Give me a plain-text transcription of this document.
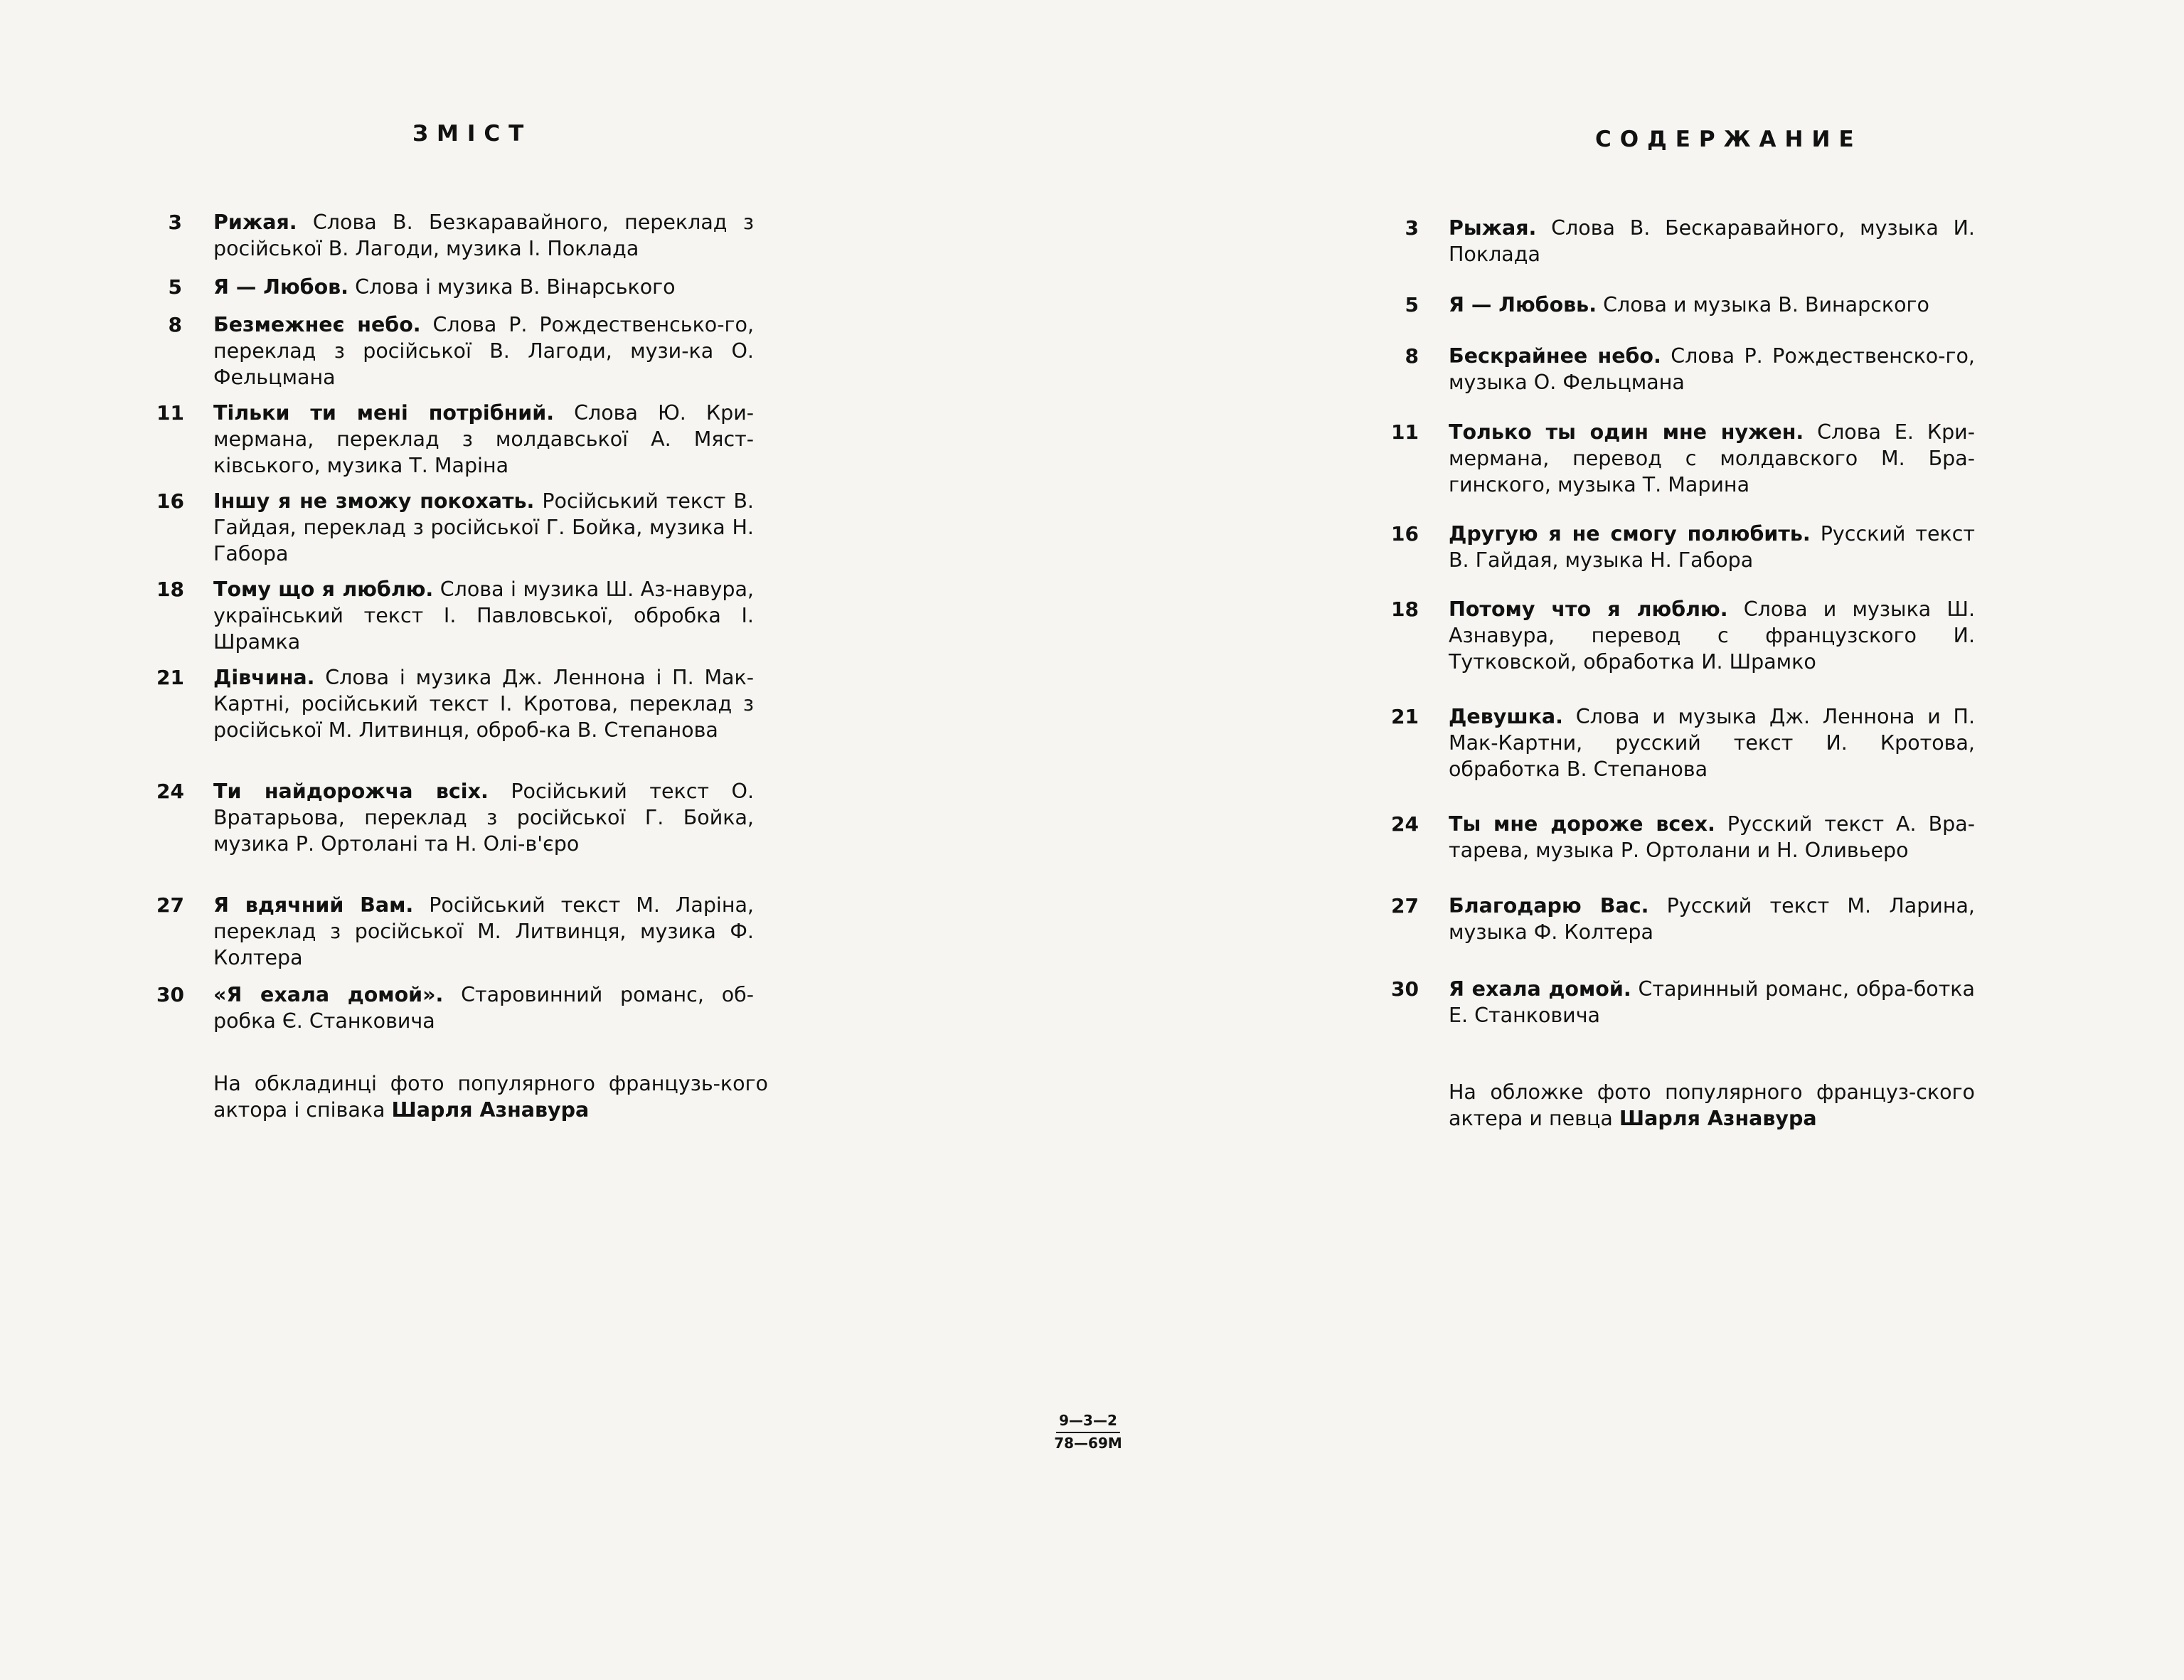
ЗМІСТ
3 Рижая. Слова В. Безкаравайного, переклад з російської В. Лагоди, музика І. Поклада
5 Я — Любов. Слова і музика В. Вінарського
8 Безмежнеє небо. Слова Р. Рождественсько-го, переклад з російської В. Лагоди, музи-ка О. Фельцмана
11 Тільки ти мені потрібний. Слова Ю. Кри-мермана, переклад з молдавської А. Мяст-ківського, музика Т. Маріна
16 Іншу я не зможу покохать. Російський текст В. Гайдая, переклад з російської Г. Бойка, музика Н. Габора
18 Тому що я люблю. Слова і музика Ш. Аз-навура, український текст І. Павловської, обробка І. Шрамка
21 Дівчина. Слова і музика Дж. Леннона і П. Мак-Картні, російський текст І. Кротова, переклад з російської М. Литвинця, оброб-ка В. Степанова
24 Ти найдорожча всіх. Російський текст О. Вратарьова, переклад з російської Г. Бойка, музика Р. Ортолані та Н. Олі-в'єро
27 Я вдячний Вам. Російський текст М. Ларіна, переклад з російської М. Литвинця, музика Ф. Колтера
30 «Я ехала домой». Старовинний романс, об-робка Є. Станковича
На обкладинці фото популярного французь-кого актора і співака Шарля Азнавура
СОДЕРЖАНИЕ
3 Рыжая. Слова В. Бескаравайного, музыка И. Поклада
5 Я — Любовь. Слова и музыка В. Винарского
8 Бескрайнее небо. Слова Р. Рождественско-го, музыка О. Фельцмана
11 Только ты один мне нужен. Слова Е. Кри-мермана, перевод с молдавского М. Бра-гинского, музыка Т. Марина
16 Другую я не смогу полюбить. Русский текст В. Гайдая, музыка Н. Габора
18 Потому что я люблю. Слова и музыка Ш. Азнавура, перевод с французского И. Тутковской, обработка И. Шрамко
21 Девушка. Слова и музыка Дж. Леннона и П. Мак-Картни, русский текст И. Кротова, обработка В. Степанова
24 Ты мне дороже всех. Русский текст А. Вра-тарева, музыка Р. Ортолани и Н. Оливьеро
27 Благодарю Вас. Русский текст М. Ларина, музыка Ф. Колтера
30 Я ехала домой. Старинный романс, обра-ботка Е. Станковича
На обложке фото популярного француз-ского актера и певца Шарля Азнавура
9—3—2
78—69М
